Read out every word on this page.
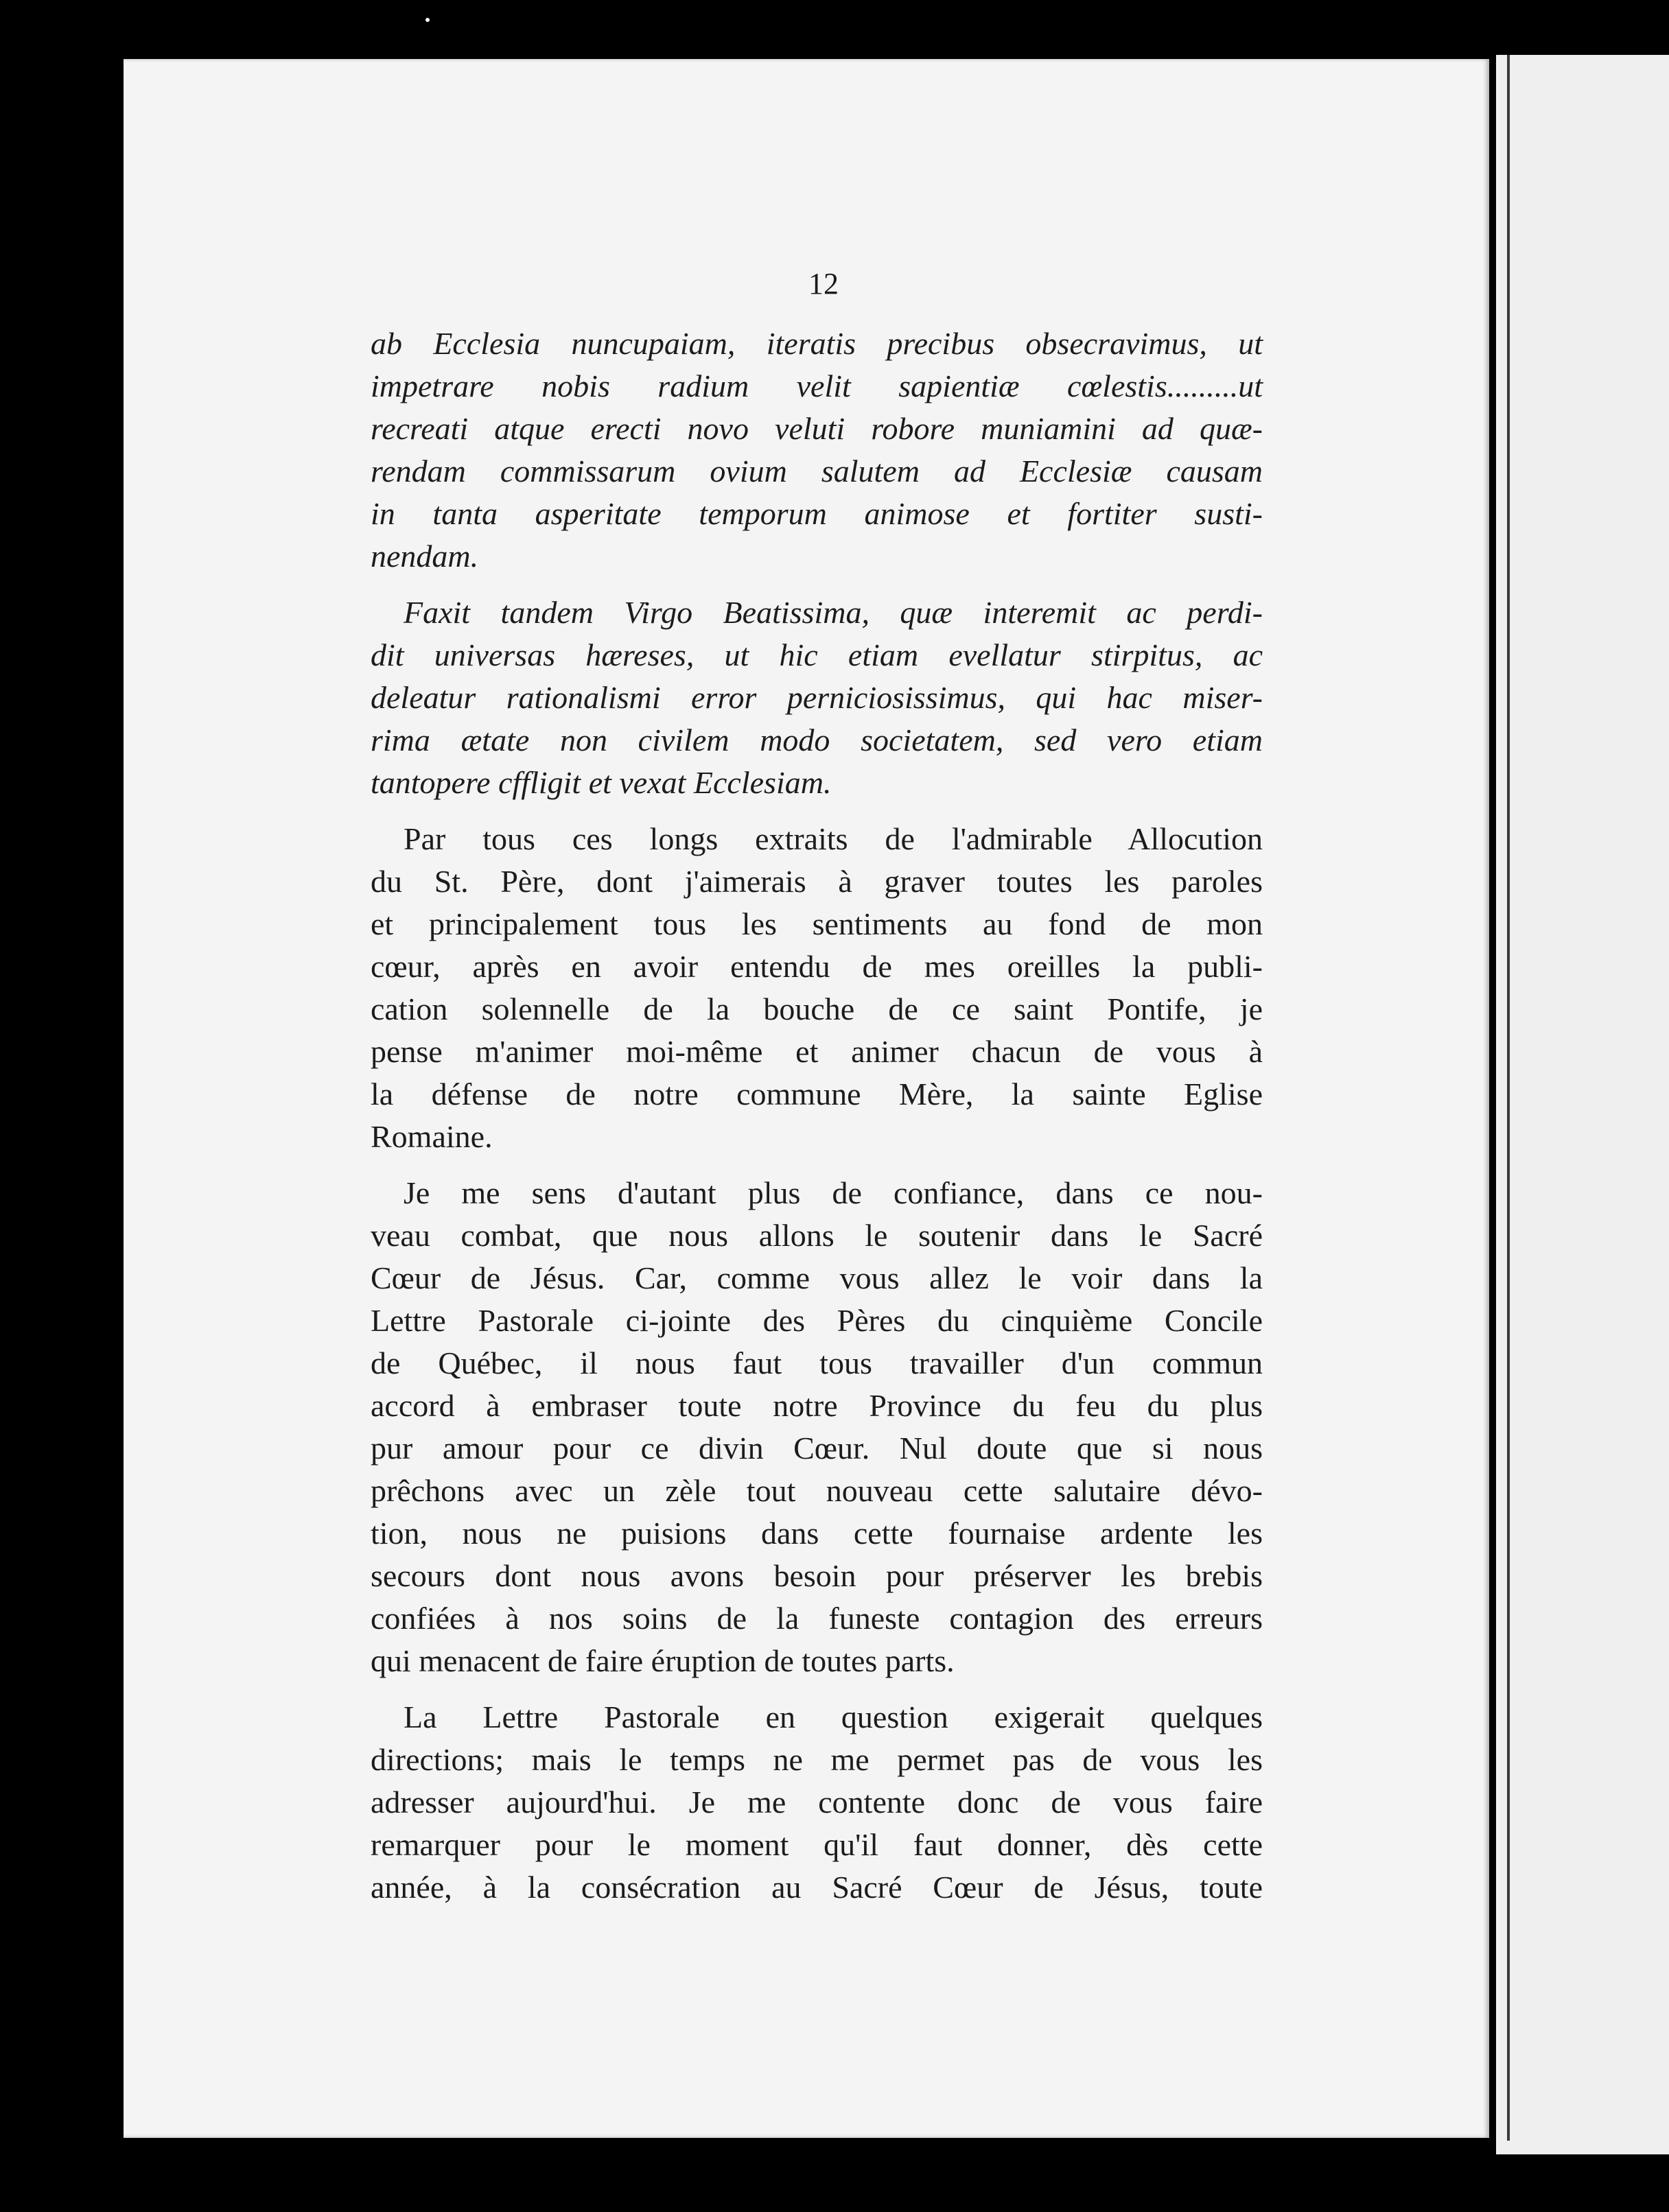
12
ab Ecclesia nuncupaiam, iteratis precibus obsecravimus, ut
impetrare nobis radium velit sapientiæ cœlestis.........ut
recreati atque erecti novo veluti robore muniamini ad quæ-
rendam commissarum ovium salutem ad Ecclesiæ causam
in tanta asperitate temporum animose et fortiter susti-
nendam.
Faxit tandem Virgo Beatissima, quæ interemit ac perdi-
dit universas hæreses, ut hic etiam evellatur stirpitus, ac
deleatur rationalismi error perniciosissimus, qui hac miser-
rima ætate non civilem modo societatem, sed vero etiam
tantopere cffligit et vexat Ecclesiam.
Par tous ces longs extraits de l'admirable Allocution
du St. Père, dont j'aimerais à graver toutes les paroles
et principalement tous les sentiments au fond de mon
cœur, après en avoir entendu de mes oreilles la publi-
cation solennelle de la bouche de ce saint Pontife, je
pense m'animer moi-même et animer chacun de vous à
la défense de notre commune Mère, la sainte Eglise
Romaine.
Je me sens d'autant plus de confiance, dans ce nou-
veau combat, que nous allons le soutenir dans le Sacré
Cœur de Jésus. Car, comme vous allez le voir dans la
Lettre Pastorale ci-jointe des Pères du cinquième Concile
de Québec, il nous faut tous travailler d'un commun
accord à embraser toute notre Province du feu du plus
pur amour pour ce divin Cœur. Nul doute que si nous
prêchons avec un zèle tout nouveau cette salutaire dévo-
tion, nous ne puisions dans cette fournaise ardente les
secours dont nous avons besoin pour préserver les brebis
confiées à nos soins de la funeste contagion des erreurs
qui menacent de faire éruption de toutes parts.
La Lettre Pastorale en question exigerait quelques
directions; mais le temps ne me permet pas de vous les
adresser aujourd'hui. Je me contente donc de vous faire
remarquer pour le moment qu'il faut donner, dès cette
année, à la consécration au Sacré Cœur de Jésus, toute
